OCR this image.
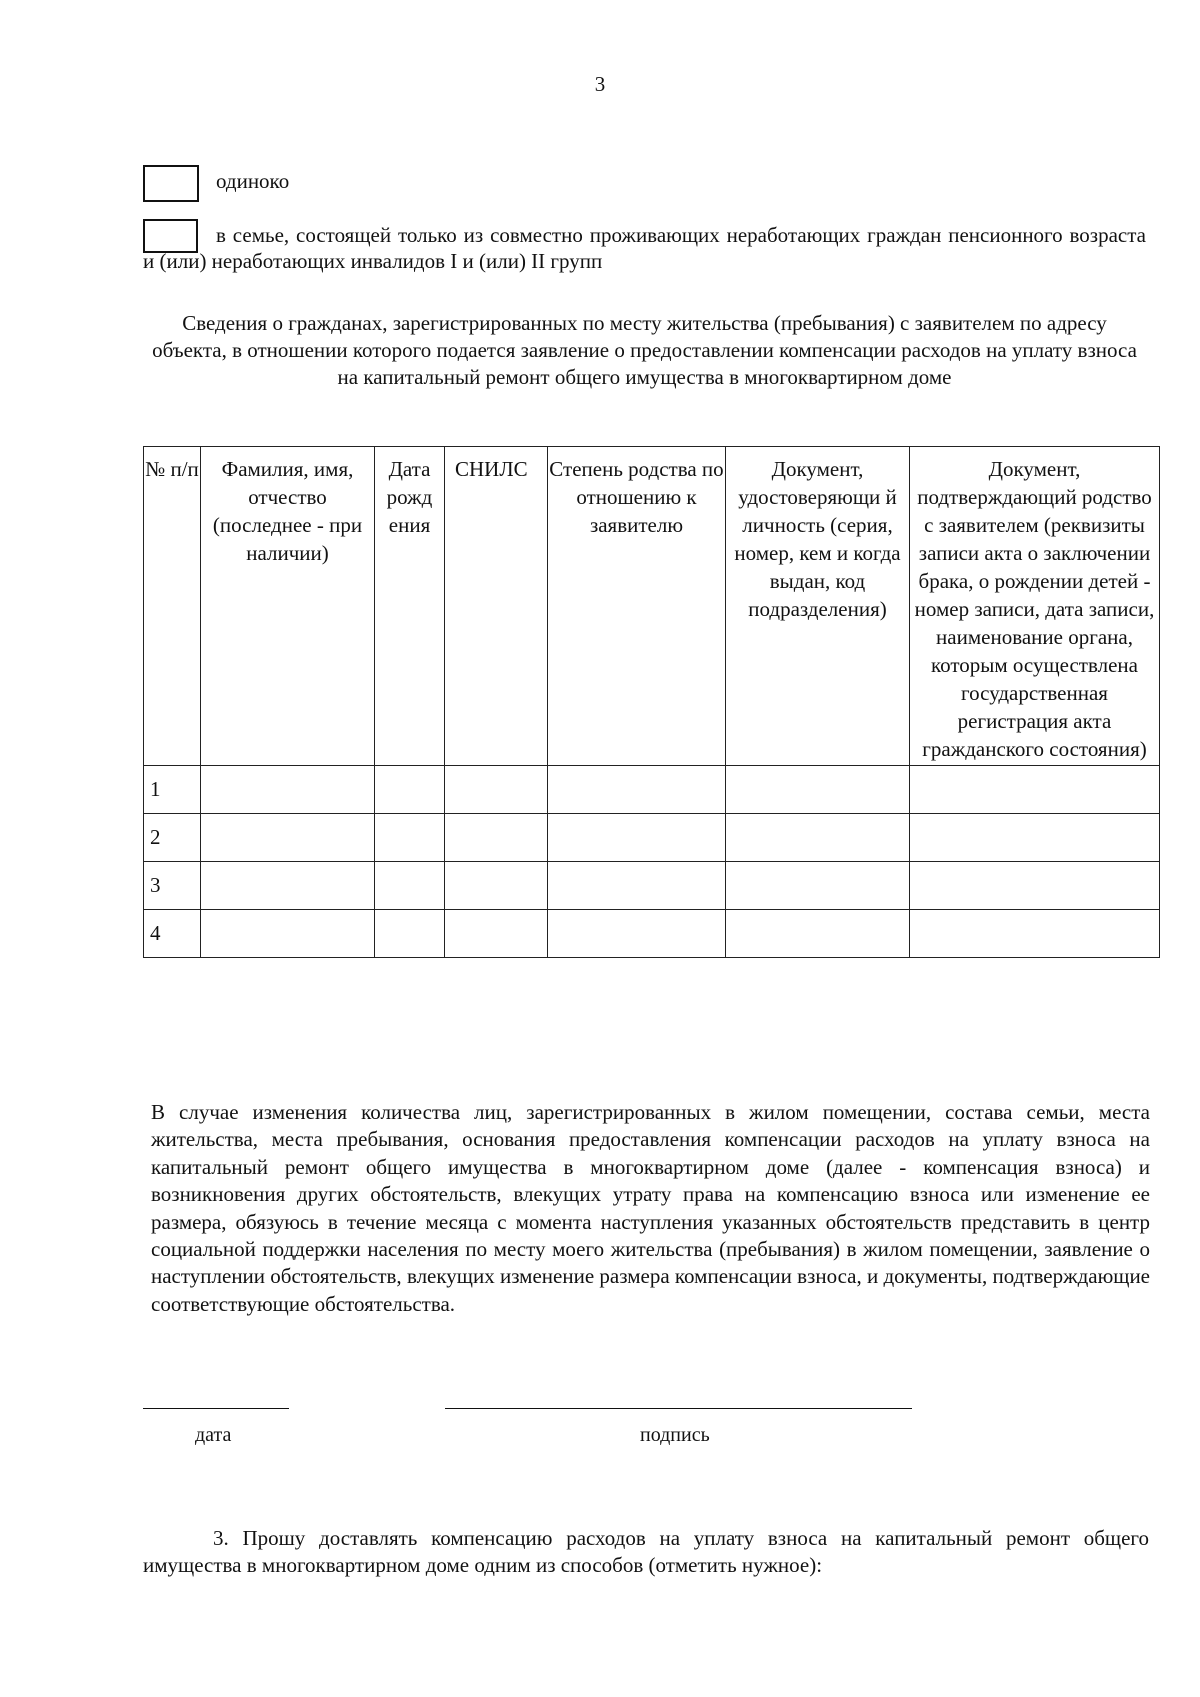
3
одиноко
в семье, состоящей только из совместно проживающих неработающих граждан пенсионного возраста и (или) неработающих инвалидов I и (или) II групп
Сведения о гражданах, зарегистрированных по месту жительства (пребывания) с заявителем по адресу объекта, в отношении которого подается заявление о предоставлении компенсации расходов на уплату взноса на капитальный ремонт общего имущества в многоквартирном доме
№ п/п	Фамилия, имя, отчество (последнее - при наличии)	Дата рожд ения	СНИЛС	Степень родства по отношению к заявителю	Документ, удостоверяющи й личность (серия, номер, кем и когда выдан, код подразделения)	Документ, подтверждающий родство с заявителем (реквизиты записи акта о заключении брака, о рождении детей - номер записи, дата записи, наименование органа, которым осуществлена государственная регистрация акта гражданского состояния)
1						
2						
3						
4						
В случае изменения количества лиц, зарегистрированных в жилом помещении, состава семьи, места жительства, места пребывания, основания предоставления компенсации расходов на уплату взноса на капитальный ремонт общего имущества в многоквартирном доме (далее - компенсация взноса) и возникновения других обстоятельств, влекущих утрату права на компенсацию взноса или изменение ее размера, обязуюсь в течение месяца с момента наступления указанных обстоятельств представить в центр социальной поддержки населения по месту моего жительства (пребывания) в жилом помещении, заявление о наступлении обстоятельств, влекущих изменение размера компенсации взноса, и документы, подтверждающие соответствующие обстоятельства.
дата	подпись
3. Прошу доставлять компенсацию расходов на уплату взноса на капитальный ремонт общего имущества в многоквартирном доме одним из способов (отметить нужное):
